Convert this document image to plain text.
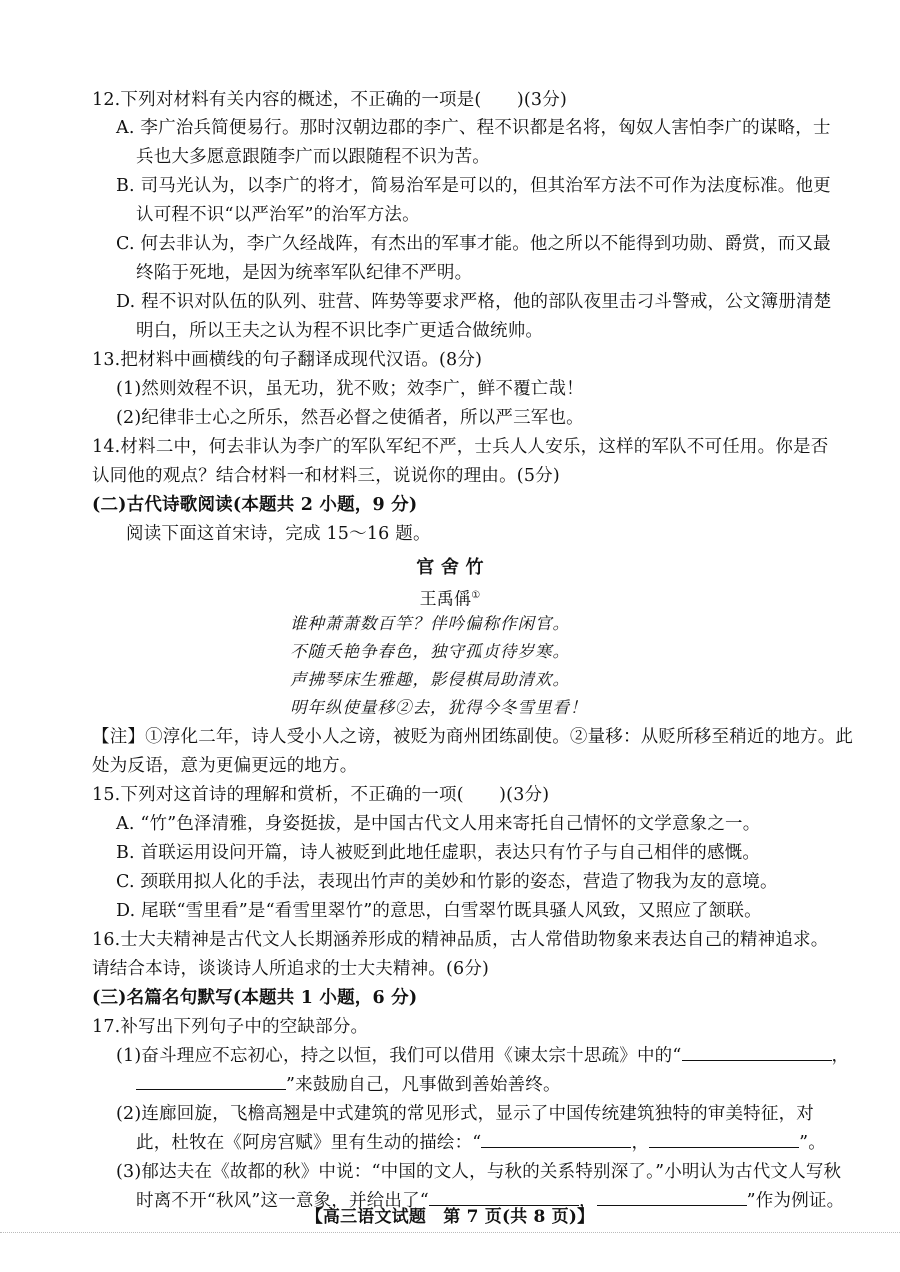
12.下列对材料有关内容的概述，不正确的一项是(　　)(3分)
A. 李广治兵简便易行。那时汉朝边郡的李广、程不识都是名将，匈奴人害怕李广的谋略，士
兵也大多愿意跟随李广而以跟随程不识为苦。
B. 司马光认为，以李广的将才，简易治军是可以的，但其治军方法不可作为法度标准。他更
认可程不识“以严治军”的治军方法。
C. 何去非认为，李广久经战阵，有杰出的军事才能。他之所以不能得到功勋、爵赏，而又最
终陷于死地，是因为统率军队纪律不严明。
D. 程不识对队伍的队列、驻营、阵势等要求严格，他的部队夜里击刁斗警戒，公文簿册清楚
明白，所以王夫之认为程不识比李广更适合做统帅。
13.把材料中画横线的句子翻译成现代汉语。(8分)
(1)然则效程不识，虽无功，犹不败；效李广，鲜不覆亡哉！
(2)纪律非士心之所乐，然吾必督之使循者，所以严三军也。
14.材料二中，何去非认为李广的军队军纪不严，士兵人人安乐，这样的军队不可任用。你是否
认同他的观点？结合材料一和材料三，说说你的理由。(5分)
(二)古代诗歌阅读(本题共 2 小题，9 分)
阅读下面这首宋诗，完成 15～16 题。
官 舍 竹
王禹偁①
谁种萧萧数百竿？伴吟偏称作闲官。
不随夭艳争春色，独守孤贞待岁寒。
声拂琴床生雅趣，影侵棋局助清欢。
明年纵使量移②去，犹得今冬雪里看！
【注】①淳化二年，诗人受小人之谤，被贬为商州团练副使。②量移：从贬所移至稍近的地方。此
处为反语，意为更偏更远的地方。
15.下列对这首诗的理解和赏析，不正确的一项(　　)(3分)
A. “竹”色泽清雅，身姿挺拔，是中国古代文人用来寄托自己情怀的文学意象之一。
B. 首联运用设问开篇，诗人被贬到此地任虚职，表达只有竹子与自己相伴的感慨。
C. 颈联用拟人化的手法，表现出竹声的美妙和竹影的姿态，营造了物我为友的意境。
D. 尾联“雪里看”是“看雪里翠竹”的意思，白雪翠竹既具骚人风致，又照应了颔联。
16.士大夫精神是古代文人长期涵养形成的精神品质，古人常借助物象来表达自己的精神追求。
请结合本诗，谈谈诗人所追求的士大夫精神。(6分)
(三)名篇名句默写(本题共 1 小题，6 分)
17.补写出下列句子中的空缺部分。
(1)奋斗理应不忘初心，持之以恒，我们可以借用《谏太宗十思疏》中的“	，
”来鼓励自己，凡事做到善始善终。
(2)连廊回旋，飞檐高翘是中式建筑的常见形式，显示了中国传统建筑独特的审美特征，对
此，杜牧在《阿房宫赋》里有生动的描绘：“	，	”。
(3)郁达夫在《故都的秋》中说：“中国的文人，与秋的关系特别深了。”小明认为古代文人写秋
时离不开“秋风”这一意象，并给出了“	，	”作为例证。
【高三语文试题　第 7 页(共 8 页)】
